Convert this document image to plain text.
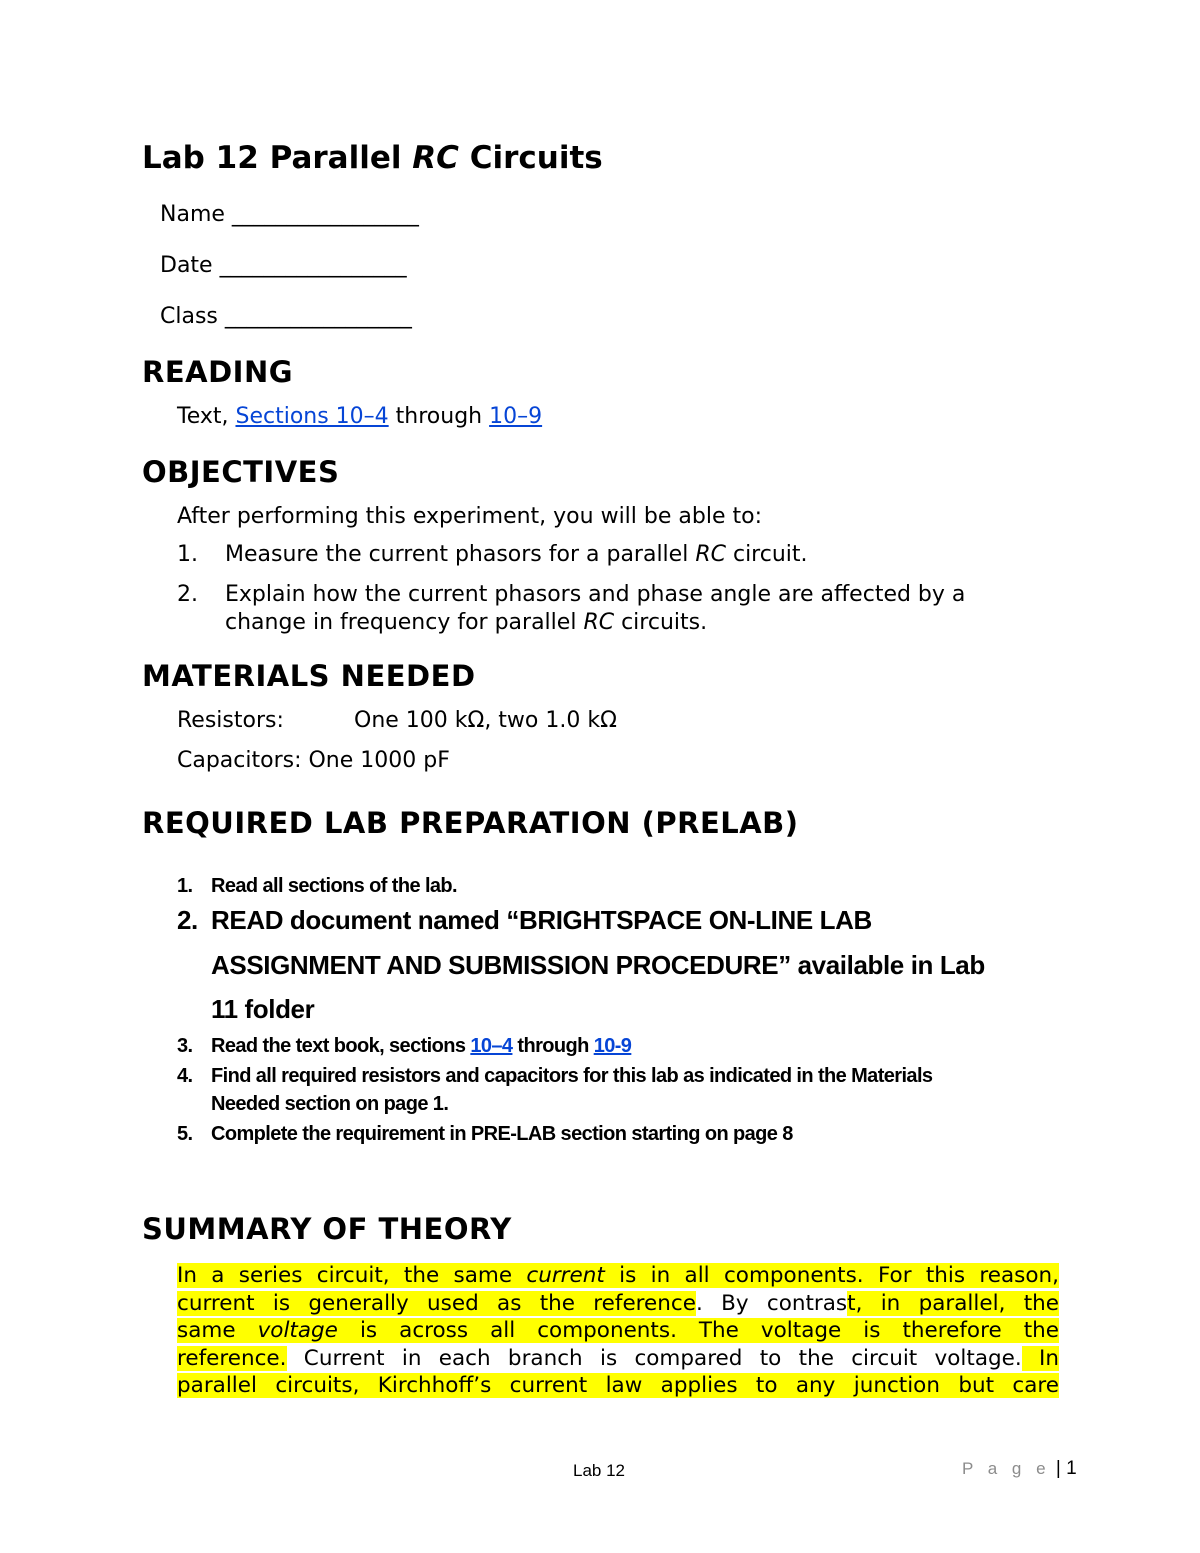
Lab 12 Parallel RC Circuits
Name _________________
Date _________________
Class _________________
READING
Text, Sections 10–4 through 10–9
OBJECTIVES
After performing this experiment, you will be able to:
1. Measure the current phasors for a parallel RC circuit.
2. Explain how the current phasors and phase angle are affected by a
change in frequency for parallel RC circuits.
MATERIALS NEEDED
Resistors:	One 100 kΩ, two 1.0 kΩ
Capacitors: One 1000 pF
REQUIRED LAB PREPARATION (PRELAB)
1. Read all sections of the lab.
2. READ document named “BRIGHTSPACE ON-LINE LAB
ASSIGNMENT AND SUBMISSION PROCEDURE” available in Lab
11 folder
3. Read the text book, sections 10–4 through 10-9
4. Find all required resistors and capacitors for this lab as indicated in the Materials
Needed section on page 1.
5. Complete the requirement in PRE-LAB section starting on page 8
SUMMARY OF THEORY
In a series circuit, the same current is in all components. For this reason,
current is generally used as the reference. By contrast, in parallel, the
same voltage is across all components. The voltage is therefore the
reference. Current in each branch is compared to the circuit voltage. In
parallel circuits, Kirchhoff’s current law applies to any junction but care
Lab 12	P a g e | 1
